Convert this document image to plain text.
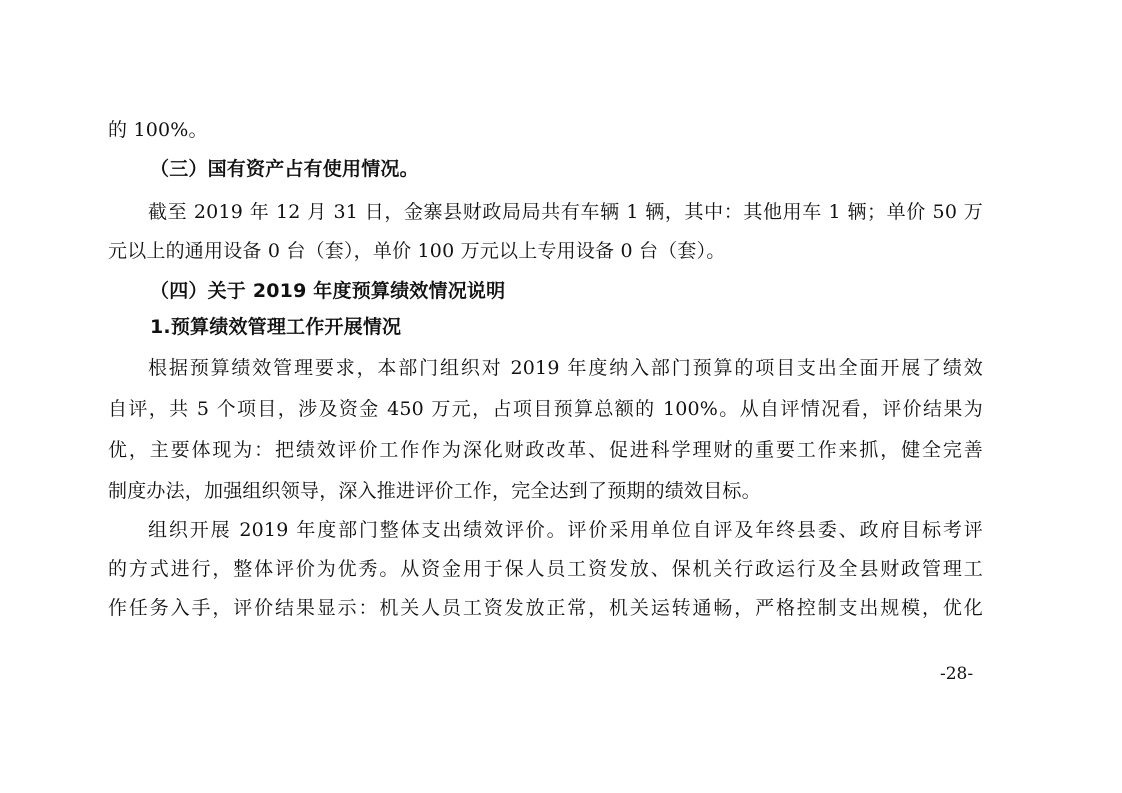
的 100%。
（三）国有资产占有使用情况。
截至 2019 年 12 月 31 日，金寨县财政局局共有车辆 1 辆，其中：其他用车 1 辆；单价 50 万
元以上的通用设备 0 台（套），单价 100 万元以上专用设备 0 台（套）。
（四）关于 2019 年度预算绩效情况说明
1.预算绩效管理工作开展情况
根据预算绩效管理要求，本部门组织对 2019 年度纳入部门预算的项目支出全面开展了绩效
自评，共 5 个项目，涉及资金 450 万元，占项目预算总额的 100%。从自评情况看，评价结果为
优，主要体现为：把绩效评价工作作为深化财政改革、促进科学理财的重要工作来抓，健全完善
制度办法，加强组织领导，深入推进评价工作，完全达到了预期的绩效目标。
组织开展 2019 年度部门整体支出绩效评价。评价采用单位自评及年终县委、政府目标考评
的方式进行，整体评价为优秀。从资金用于保人员工资发放、保机关行政运行及全县财政管理工
作任务入手，评价结果显示：机关人员工资发放正常，机关运转通畅，严格控制支出规模，优化
-28-
